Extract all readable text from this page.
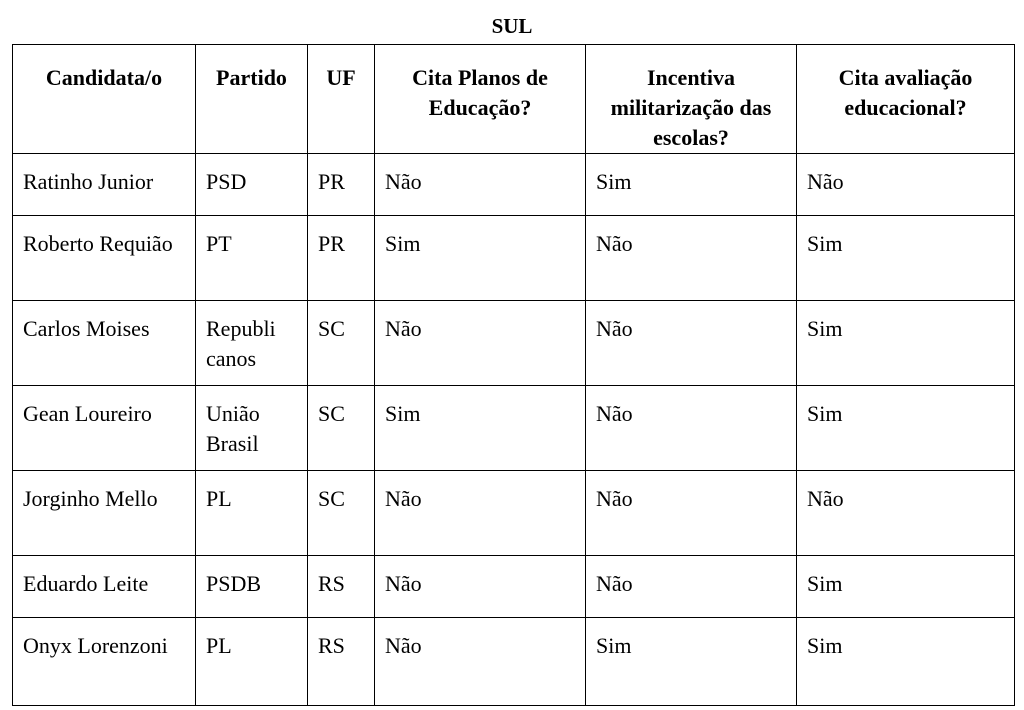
SUL
Candidata/o	Partido	UF	Cita Planos de Educação?	Incentiva militarização das escolas?	Cita avaliação educacional?
Ratinho Junior	PSD	PR	Não	Sim	Não
Roberto Requião	PT	PR	Sim	Não	Sim
Carlos Moises	Republi canos	SC	Não	Não	Sim
Gean Loureiro	União Brasil	SC	Sim	Não	Sim
Jorginho Mello	PL	SC	Não	Não	Não
Eduardo Leite	PSDB	RS	Não	Não	Sim
Onyx Lorenzoni	PL	RS	Não	Sim	Sim
